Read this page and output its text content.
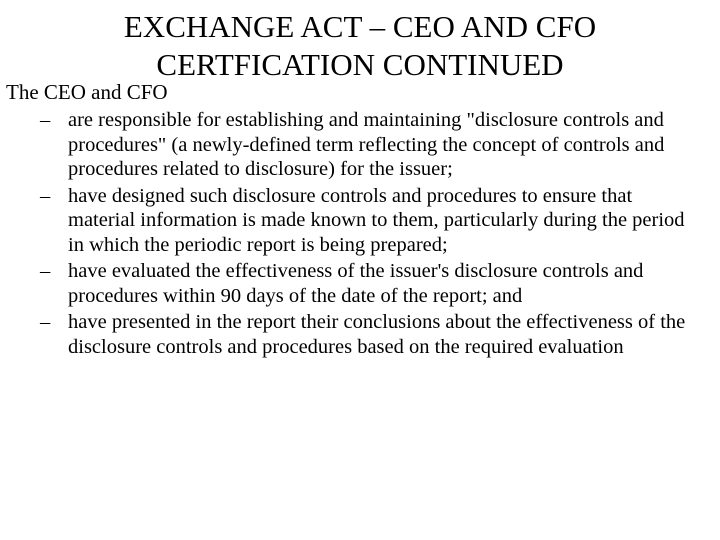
EXCHANGE ACT – CEO AND CFO
CERTFICATION CONTINUED

The CEO and CFO

– are responsible for establishing and maintaining "disclosure controls and procedures" (a newly-defined term reflecting the concept of controls and procedures related to disclosure) for the issuer;
– have designed such disclosure controls and procedures to ensure that material information is made known to them, particularly during the period in which the periodic report is being prepared;
– have evaluated the effectiveness of the issuer's disclosure controls and procedures within 90 days of the date of the report; and
– have presented in the report their conclusions about the effectiveness of the disclosure controls and procedures based on the required evaluation
